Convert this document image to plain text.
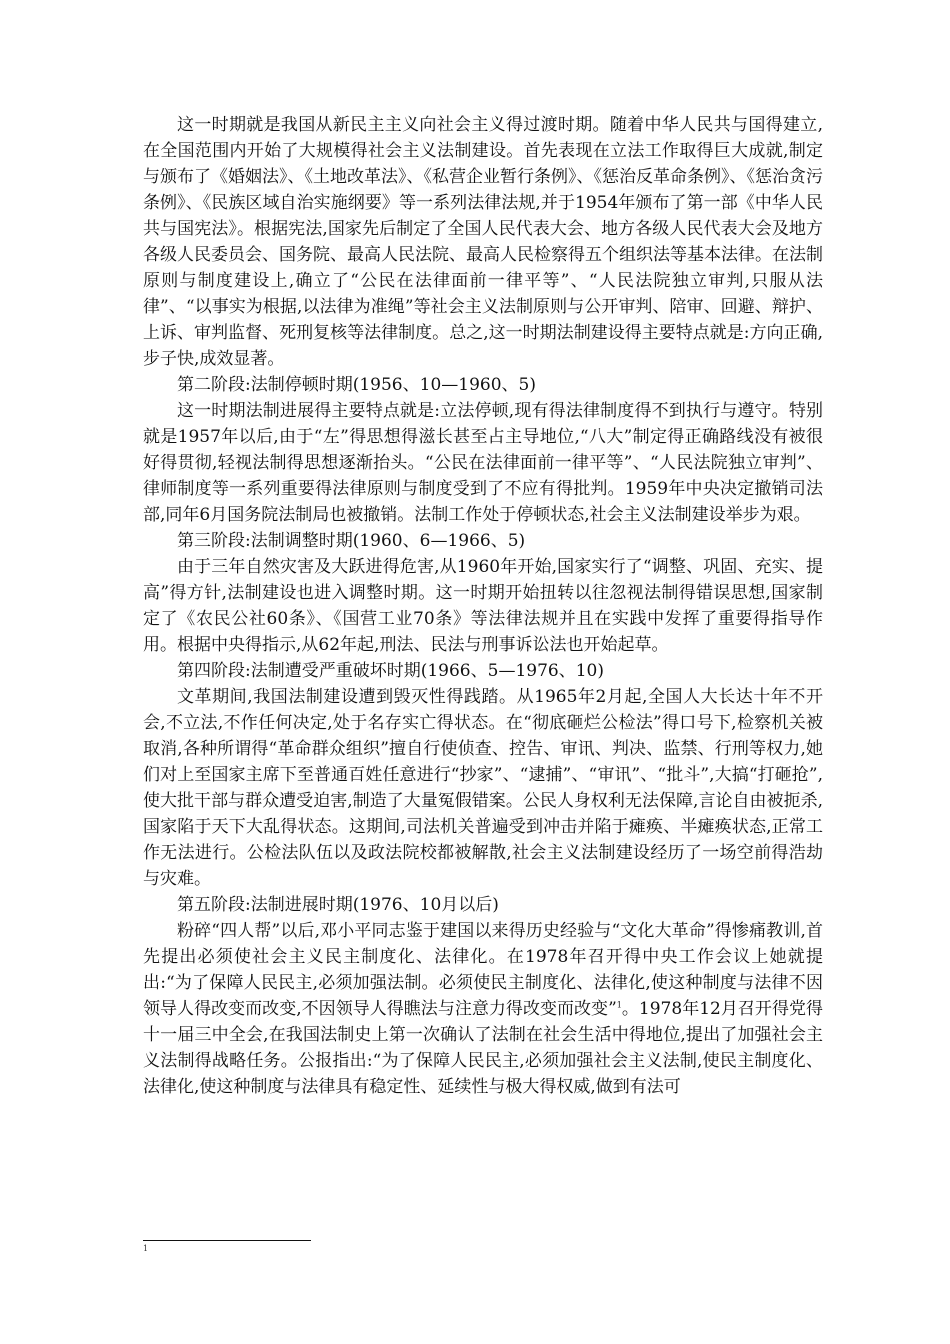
这一时期就是我国从新民主主义向社会主义得过渡时期。随着中华人民共与国得建立,在全国范围内开始了大规模得社会主义法制建设。首先表现在立法工作取得巨大成就,制定与颁布了《婚姻法》、《土地改革法》、《私营企业暂行条例》、《惩治反革命条例》、《惩治贪污条例》、《民族区域自治实施纲要》等一系列法律法规,并于1954年颁布了第一部《中华人民共与国宪法》。根据宪法,国家先后制定了全国人民代表大会、地方各级人民代表大会及地方各级人民委员会、国务院、最高人民法院、最高人民检察得五个组织法等基本法律。在法制原则与制度建设上,确立了“公民在法律面前一律平等”、“人民法院独立审判,只服从法律”、“以事实为根据,以法律为准绳”等社会主义法制原则与公开审判、陪审、回避、辩护、上诉、审判监督、死刑复核等法律制度。总之,这一时期法制建设得主要特点就是:方向正确,步子快,成效显著。

第二阶段:法制停顿时期(1956、10—1960、5)

这一时期法制进展得主要特点就是:立法停顿,现有得法律制度得不到执行与遵守。特别就是1957年以后,由于“左”得思想得滋长甚至占主导地位,“八大”制定得正确路线没有被很好得贯彻,轻视法制得思想逐渐抬头。“公民在法律面前一律平等”、“人民法院独立审判”、律师制度等一系列重要得法律原则与制度受到了不应有得批判。1959年中央决定撤销司法部,同年6月国务院法制局也被撤销。法制工作处于停顿状态,社会主义法制建设举步为艰。

第三阶段:法制调整时期(1960、6—1966、5)

由于三年自然灾害及大跃进得危害,从1960年开始,国家实行了“调整、巩固、充实、提高”得方针,法制建设也进入调整时期。这一时期开始扭转以往忽视法制得错误思想,国家制定了《农民公社60条》、《国营工业70条》等法律法规并且在实践中发挥了重要得指导作用。根据中央得指示,从62年起,刑法、民法与刑事诉讼法也开始起草。

第四阶段:法制遭受严重破坏时期(1966、5—1976、10)

文革期间,我国法制建设遭到毁灭性得践踏。从1965年2月起,全国人大长达十年不开会,不立法,不作任何决定,处于名存实亡得状态。在“彻底砸烂公检法”得口号下,检察机关被取消,各种所谓得“革命群众组织”擅自行使侦查、控告、审讯、判决、监禁、行刑等权力,她们对上至国家主席下至普通百姓任意进行“抄家”、“逮捕”、“审讯”、“批斗”,大搞“打砸抢”,使大批干部与群众遭受迫害,制造了大量冤假错案。公民人身权利无法保障,言论自由被扼杀,国家陷于天下大乱得状态。这期间,司法机关普遍受到冲击并陷于瘫痪、半瘫痪状态,正常工作无法进行。公检法队伍以及政法院校都被解散,社会主义法制建设经历了一场空前得浩劫与灾难。

第五阶段:法制进展时期(1976、10月以后)

粉碎“四人帮”以后,邓小平同志鉴于建国以来得历史经验与“文化大革命”得惨痛教训,首先提出必须使社会主义民主制度化、法律化。在1978年召开得中央工作会议上她就提出:“为了保障人民民主,必须加强法制。必须使民主制度化、法律化,使这种制度与法律不因领导人得改变而改变,不因领导人得瞧法与注意力得改变而改变”$^1$。1978年12月召开得党得十一届三中全会,在我国法制史上第一次确认了法制在社会生活中得地位,提出了加强社会主义法制得战略任务。公报指出:“为了保障人民民主,必须加强社会主义法制,使民主制度化、法律化,使这种制度与法律具有稳定性、延续性与极大得权威,做到有法可

1
